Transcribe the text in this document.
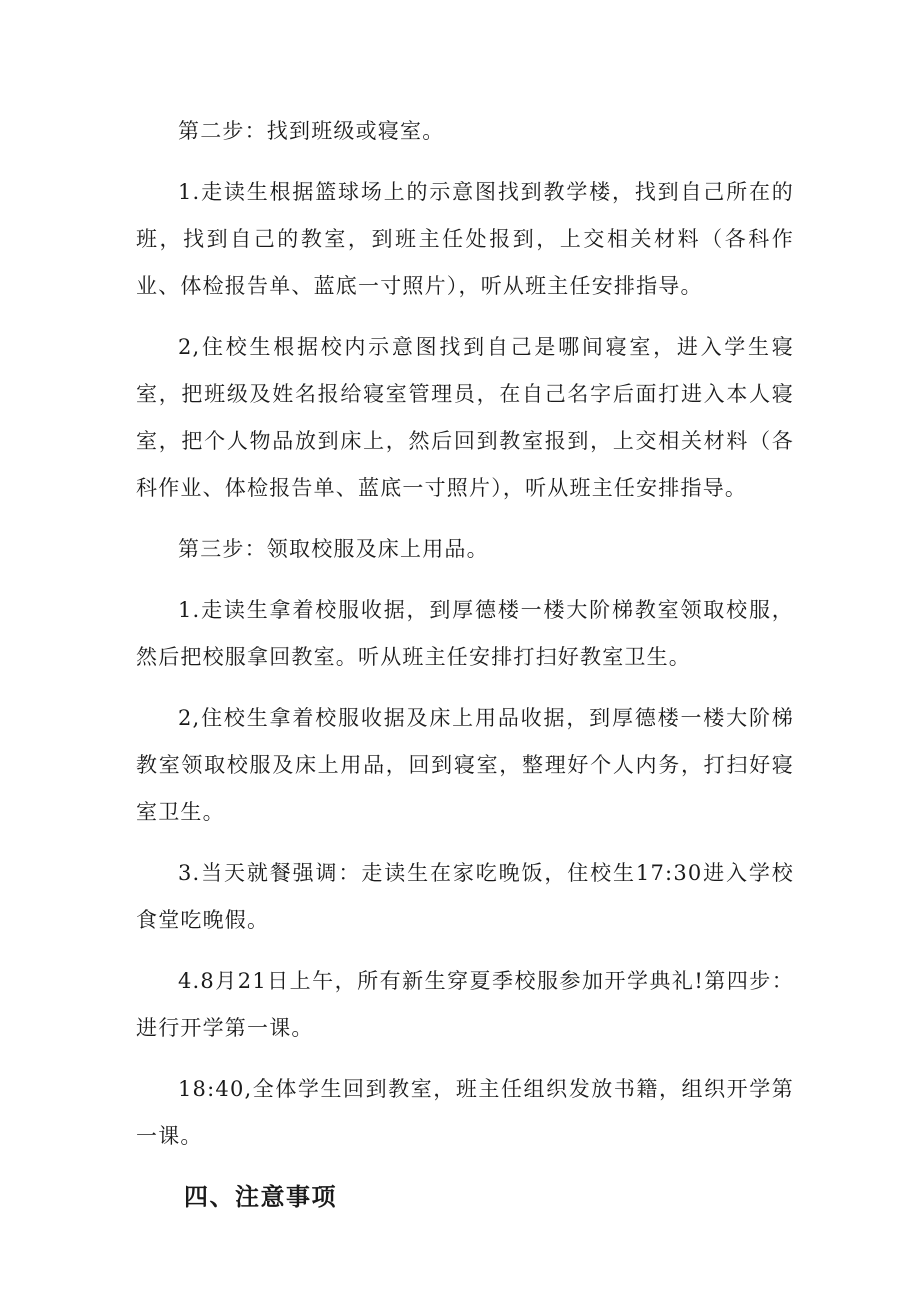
第二步：找到班级或寝室。

1.走读生根据篮球场上的示意图找到教学楼，找到自己所在的班，找到自己的教室，到班主任处报到，上交相关材料（各科作业、体检报告单、蓝底一寸照片），听从班主任安排指导。

2,住校生根据校内示意图找到自己是哪间寝室，进入学生寝室，把班级及姓名报给寝室管理员，在自己名字后面打进入本人寝室，把个人物品放到床上，然后回到教室报到，上交相关材料（各科作业、体检报告单、蓝底一寸照片），听从班主任安排指导。

第三步：领取校服及床上用品。

1.走读生拿着校服收据，到厚德楼一楼大阶梯教室领取校服，然后把校服拿回教室。听从班主任安排打扫好教室卫生。

2,住校生拿着校服收据及床上用品收据，到厚德楼一楼大阶梯教室领取校服及床上用品，回到寝室，整理好个人内务，打扫好寝室卫生。

3.当天就餐强调：走读生在家吃晚饭，住校生17:30进入学校食堂吃晚假。

4.8月21日上午，所有新生穿夏季校服参加开学典礼!第四步：进行开学第一课。

18:40,全体学生回到教室，班主任组织发放书籍，组织开学第一课。

四、注意事项
